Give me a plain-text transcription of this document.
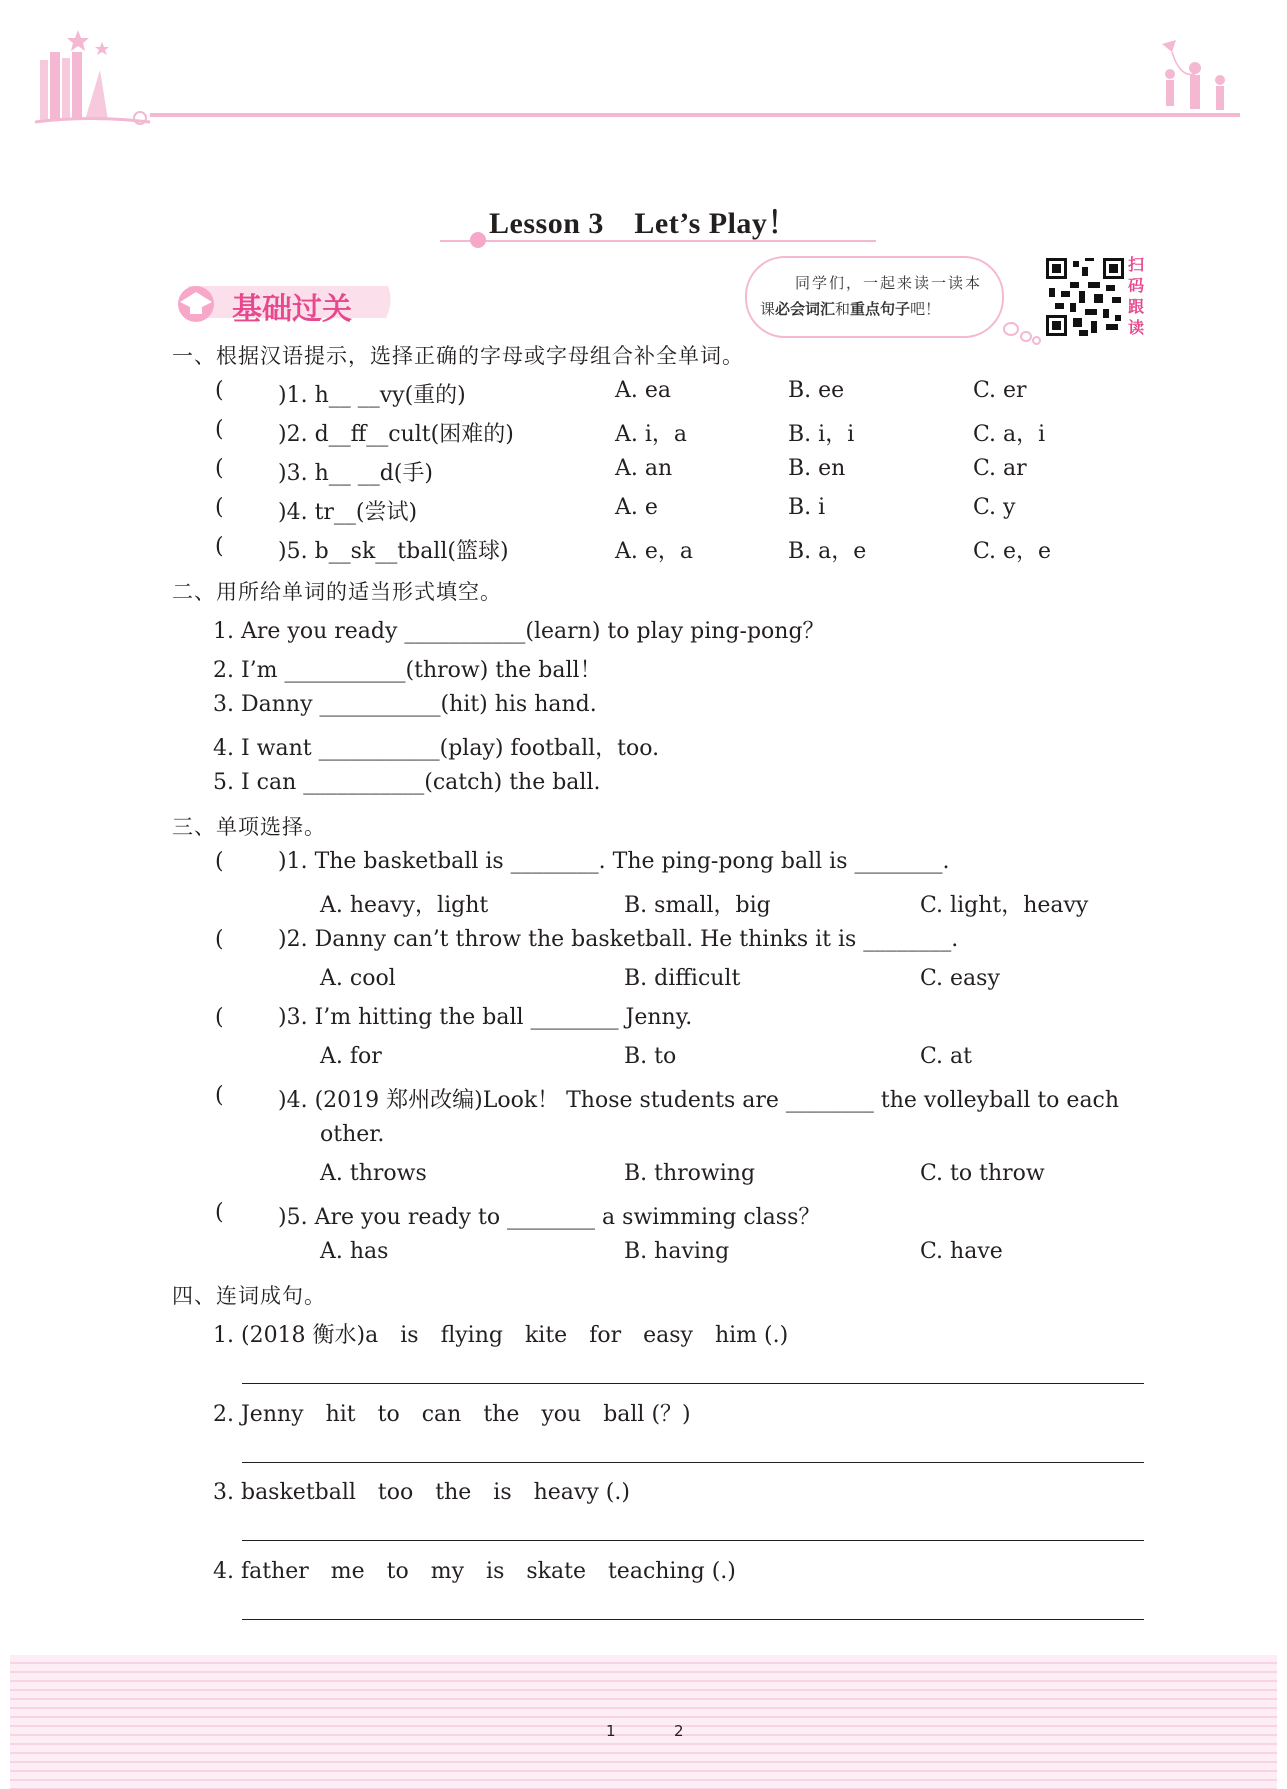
Lesson 3　Let’s Play！
基础过关
同学们，一起来读一读本
课必会词汇和重点句子吧！
扫码跟读
一、根据汉语提示，选择正确的字母或字母组合补全单词。
( )1. h__ __vy(重的)	A. ea	B. ee	C. er
( )2. d__ff__cult(困难的)	A. i，a	B. i，i	C. a，i
( )3. h__ __d(手)	A. an	B. en	C. ar
( )4. tr__(尝试)	A. e	B. i	C. y
( )5. b__sk__tball(篮球)	A. e，a	B. a，e	C. e，e
二、用所给单词的适当形式填空。
1. Are you ready ___________(learn) to play ping-pong？
2. I’m ___________(throw) the ball！
3. Danny ___________(hit) his hand.
4. I want ___________(play) football，too.
5. I can ___________(catch) the ball.
三、单项选择。
( )1. The basketball is ________. The ping-pong ball is ________.
A. heavy，light	B. small，big	C. light，heavy
( )2. Danny can’t throw the basketball. He thinks it is ________.
A. cool	B. difficult	C. easy
( )3. I’m hitting the ball ________ Jenny.
A. for	B. to	C. at
( )4. (2019 郑州改编)Look！ Those students are ________ the volleyball to each
other.
A. throws	B. throwing	C. to throw
( )5. Are you ready to ________ a swimming class？
A. has	B. having	C. have
四、连词成句。
1. (2018 衡水)a　is　flying　kite　for　easy　him (.)
2. Jenny　hit　to　can　the　you　ball (？)
3. basketball　too　the　is　heavy (.)
4. father　me　to　my　is　skate　teaching (.)
1	2
